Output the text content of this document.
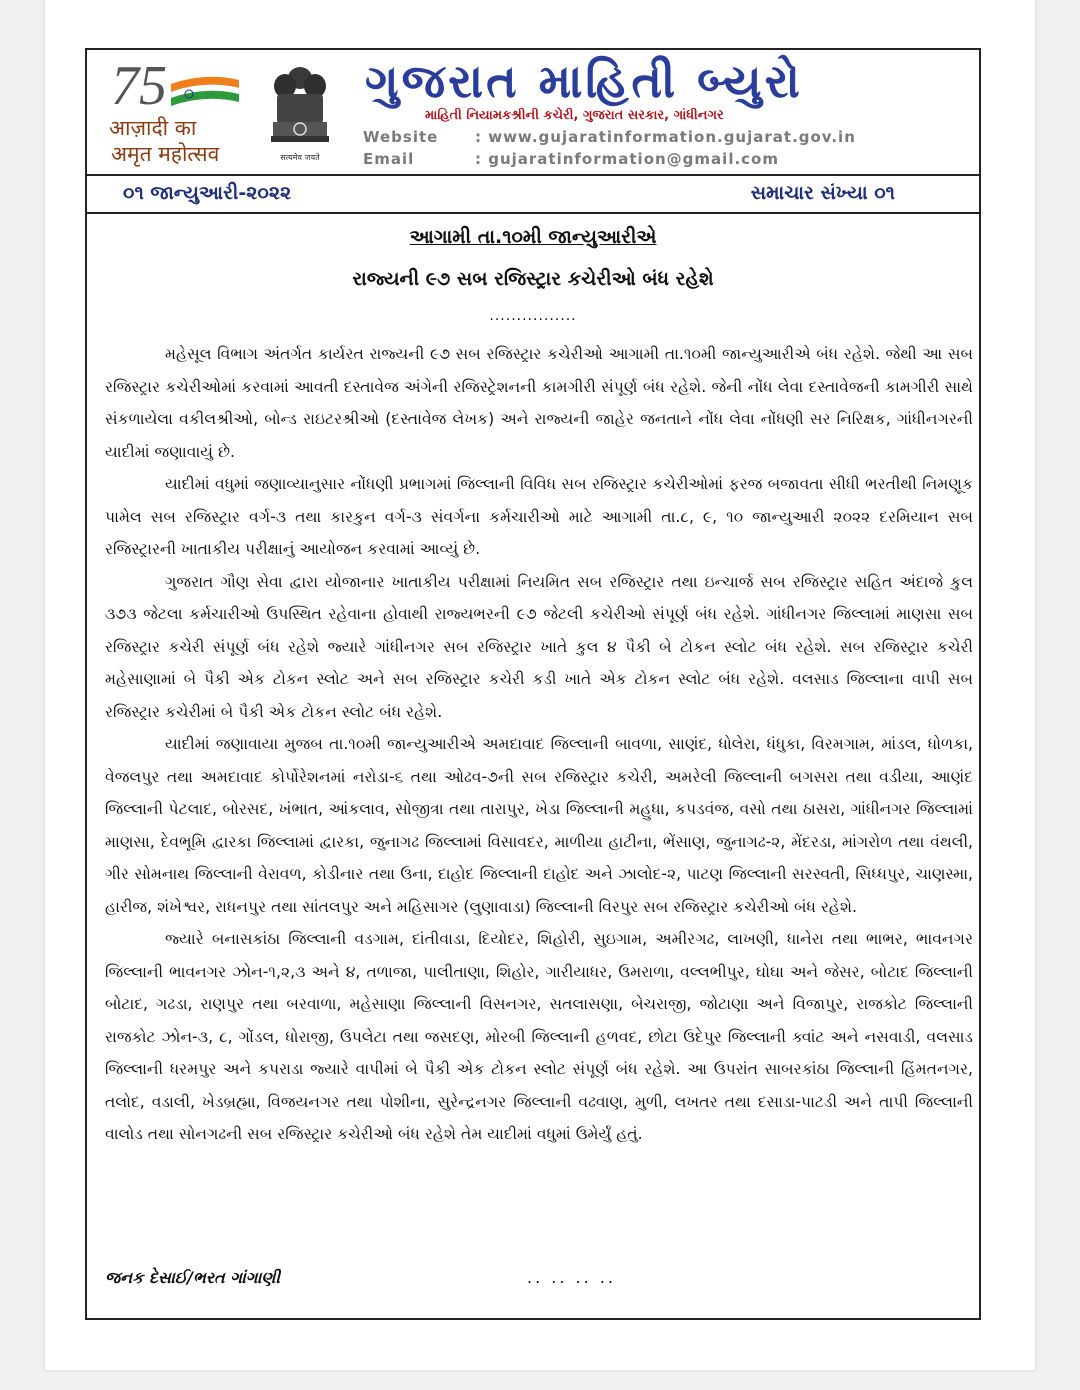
75
आज़ादी का
अमृत महोत्सव	सत्यमेव जयते
ગુજરાત માહિતી બ્યુરો
માહિતી નિયામકશ્રીની કચેરી, ગુજરાત સરકાર, ગાંધીનગર
Website : www.gujaratinformation.gujarat.gov.in
Email	: gujaratinformation@gmail.com
૦૧ જાન્યુઆરી-૨૦૨૨	સમાચાર સંખ્યા ૦૧
આગામી તા.૧૦મી જાન્યુઆરીએ
રાજ્યની ૯૭ સબ રજિસ્ટ્રાર કચેરીઓ બંધ રહેશે
................

મહેસૂલ વિભાગ અંતર્ગત કાર્યરત રાજ્યની ૯૭ સબ રજિસ્ટ્રાર કચેરીઓ આગામી તા.૧૦મી જાન્યુઆરીએ બંધ રહેશે. જેથી આ સબ રજિસ્ટ્રાર કચેરીઓમાં કરવામાં આવતી દસ્તાવેજ અંગેની રજિસ્ટ્રેશનની કામગીરી સંપૂર્ણ બંધ રહેશે. જેની નોંધ લેવા દસ્તાવેજની કામગીરી સાથે સંકળાયેલા વકીલશ્રીઓ, બોન્ડ રાઇટરશ્રીઓ (દસ્તાવેજ લેખક) અને રાજ્યની જાહેર જનતાને નોંધ લેવા નોંધણી સર નિરિક્ષક, ગાંધીનગરની યાદીમાં જણાવાયું છે.

યાદીમાં વધુમાં જણાવ્યાનુસાર નોંધણી પ્રભાગમાં જિલ્લાની વિવિધ સબ રજિસ્ટ્રાર કચેરીઓમાં ફરજ બજાવતા સીધી ભરતીથી નિમણૂક પામેલ સબ રજિસ્ટ્રાર વર્ગ-૩ તથા કારકુન વર્ગ-૩ સંવર્ગના કર્મચારીઓ માટે આગામી તા.૮, ૯, ૧૦ જાન્યુઆરી ૨૦૨૨ દરમિયાન સબ રજિસ્ટ્રારની ખાતાકીય પરીક્ષાનું આયોજન કરવામાં આવ્યું છે.

ગુજરાત ગૌણ સેવા દ્વારા યોજાનાર ખાતાકીય પરીક્ષામાં નિયમિત સબ રજિસ્ટ્રાર તથા ઇન્ચાર્જ સબ રજિસ્ટ્રાર સહિત અંદાજે કુલ ૩૭૩ જેટલા કર્મચારીઓ ઉપસ્થિત રહેવાના હોવાથી રાજ્યભરની ૯૭ જેટલી કચેરીઓ સંપૂર્ણ બંધ રહેશે. ગાંધીનગર જિલ્લામાં માણસા સબ રજિસ્ટ્રાર કચેરી સંપૂર્ણ બંધ રહેશે જ્યારે ગાંધીનગર સબ રજિસ્ટ્રાર ખાતે કુલ ૪ પૈકી બે ટોકન સ્લોટ બંધ રહેશે. સબ રજિસ્ટ્રાર કચેરી મહેસાણામાં બે પૈકી એક ટોકન સ્લોટ અને સબ રજિસ્ટ્રાર કચેરી કડી ખાતે એક ટોકન સ્લોટ બંધ રહેશે. વલસાડ જિલ્લાના વાપી સબ રજિસ્ટ્રાર કચેરીમાં બે પૈકી એક ટોકન સ્લોટ બંધ રહેશે.

યાદીમાં જણાવાયા મુજબ તા.૧૦મી જાન્યુઆરીએ અમદાવાદ જિલ્લાની બાવળા, સાણંદ, ધોલેરા, ધંધુકા, વિરમગામ, માંડલ, ધોળકા, વેજલપુર તથા અમદાવાદ કોર્પોરેશનમાં નરોડા-૬ તથા ઓઢવ-૭ની સબ રજિસ્ટ્રાર કચેરી, અમરેલી જિલ્લાની બગસરા તથા વડીયા, આણંદ જિલ્લાની પેટલાદ, બોરસદ, ખંભાત, આંકલાવ, સોજીત્રા તથા તારાપુર, ખેડા જિલ્લાની મહુધા, કપડવંજ, વસો તથા ઠાસરા, ગાંધીનગર જિલ્લામાં માણસા, દેવભૂમિ દ્વારકા જિલ્લામાં દ્વારકા, જુનાગઢ જિલ્લામાં વિસાવદર, માળીયા હાટીના, ભેંસાણ, જુનાગઢ-૨, મેંદરડા, માંગરોળ તથા વંથલી, ગીર સોમનાથ જિલ્લાની વેરાવળ, કોડીનાર તથા ઉના, દાહોદ જિલ્લાની દાહોદ અને ઝાલોદ-૨, પાટણ જિલ્લાની સરસ્વતી, સિધ્ધપુર, ચાણસ્મા, હારીજ, શંખેશ્વર, રાધનપુર તથા સાંતલપુર અને મહિસાગર (લુણાવાડા) જિલ્લાની વિરપુર સબ રજિસ્ટ્રાર કચેરીઓ બંધ રહેશે.

જ્યારે બનાસકાંઠા જિલ્લાની વડગામ, દાંતીવાડા, દિયોદર, શિહોરી, સુઇગામ, અમીરગઢ, લાખણી, ધાનેરા તથા ભાભર, ભાવનગર જિલ્લાની ભાવનગર ઝોન-૧,૨,૩ અને ૪, તળાજા, પાલીતાણા, શિહોર, ગારીયાધર, ઉમરાળા, વલ્લભીપુર, ઘોઘા અને જેસર, બોટાદ જિલ્લાની બોટાદ, ગઢડા, રાણપુર તથા બરવાળા, મહેસાણા જિલ્લાની વિસનગર, સતલાસણા, બેચરાજી, જોટાણા અને વિજાપુર, રાજકોટ જિલ્લાની રાજકોટ ઝોન-૩, ૮, ગોંડલ, ધોરાજી, ઉપલેટા તથા જસદણ, મોરબી જિલ્લાની હળવદ, છોટા ઉદેપુર જિલ્લાની ક્વાંટ અને નસવાડી, વલસાડ જિલ્લાની ધરમપુર અને કપરાડા જ્યારે વાપીમાં બે પૈકી એક ટોકન સ્લોટ સંપૂર્ણ બંધ રહેશે. આ ઉપરાંત સાબરકાંઠા જિલ્લાની હિંમતનગર, તલોદ, વડાલી, ખેડબ્રહ્મા, વિજયનગર તથા પોશીના, સુરેન્દ્રનગર જિલ્લાની વઢવાણ, મુળી, લખતર તથા દસાડા-પાટડી અને તાપી જિલ્લાની વાલોડ તથા સોનગઢની સબ રજિસ્ટ્રાર કચેરીઓ બંધ રહેશે તેમ યાદીમાં વધુમાં ઉમેર્યું હતું.

જનક દેસાઈ/ભરત ગાંગાણી	.. .. .. ..
